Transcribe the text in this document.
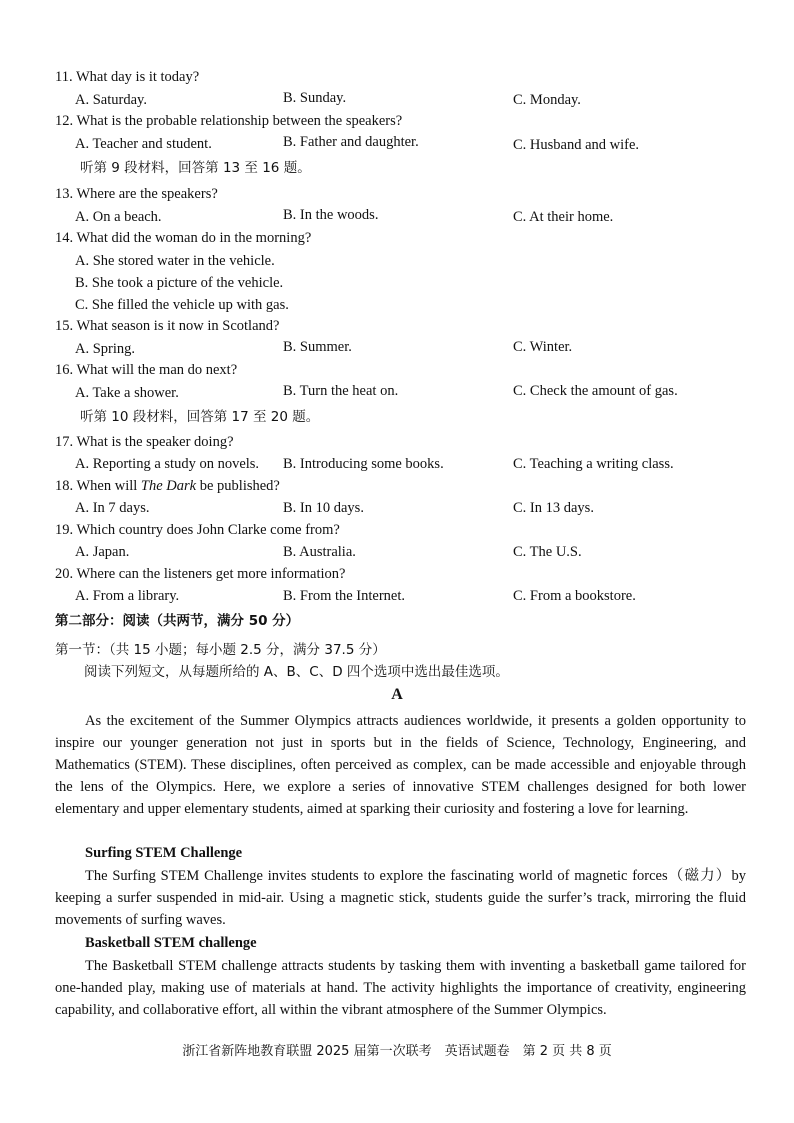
11. What day is it today?
A. Saturday.	B. Sunday.	C. Monday.
12. What is the probable relationship between the speakers?
A. Teacher and student.	B. Father and daughter.	C. Husband and wife.
听第 9 段材料，回答第 13 至 16 题。
13. Where are the speakers?
A. On a beach.	B. In the woods.	C. At their home.
14. What did the woman do in the morning?
A. She stored water in the vehicle.
B. She took a picture of the vehicle.
C. She filled the vehicle up with gas.
15. What season is it now in Scotland?
A. Spring.	B. Summer.	C. Winter.
16. What will the man do next?
A. Take a shower.	B. Turn the heat on.	C. Check the amount of gas.
听第 10 段材料，回答第 17 至 20 题。
17. What is the speaker doing?
A. Reporting a study on novels. B. Introducing some books.	C. Teaching a writing class.
18. When will The Dark be published?
A. In 7 days.	B. In 10 days.	C. In 13 days.
19. Which country does John Clarke come from?
A. Japan.	B. Australia.	C. The U.S.
20. Where can the listeners get more information?
A. From a library.	B. From the Internet.	C. From a bookstore.
第二部分：阅读（共两节，满分 50 分）
第一节：（共 15 小题；每小题 2.5 分，满分 37.5 分）
阅读下列短文，从每题所给的 A、B、C、D 四个选项中选出最佳选项。
A
As the excitement of the Summer Olympics attracts audiences worldwide, it presents a golden opportunity to inspire our younger generation not just in sports but in the fields of Science, Technology, Engineering, and Mathematics (STEM). These disciplines, often perceived as complex, can be made accessible and enjoyable through the lens of the Olympics. Here, we explore a series of innovative STEM challenges designed for both lower elementary and upper elementary students, aimed at sparking their curiosity and fostering a love for learning.
Surfing STEM Challenge
The Surfing STEM Challenge invites students to explore the fascinating world of magnetic forces（磁力）by keeping a surfer suspended in mid-air. Using a magnetic stick, students guide the surfer’s track, mirroring the fluid movements of surfing waves.
Basketball STEM challenge
The Basketball STEM challenge attracts students by tasking them with inventing a basketball game tailored for one-handed play, making use of materials at hand. The activity highlights the importance of creativity, engineering capability, and collaborative effort, all within the vibrant atmosphere of the Summer Olympics.
浙江省新阵地教育联盟 2025 届第一次联考　英语试题卷　第 2 页 共 8 页
